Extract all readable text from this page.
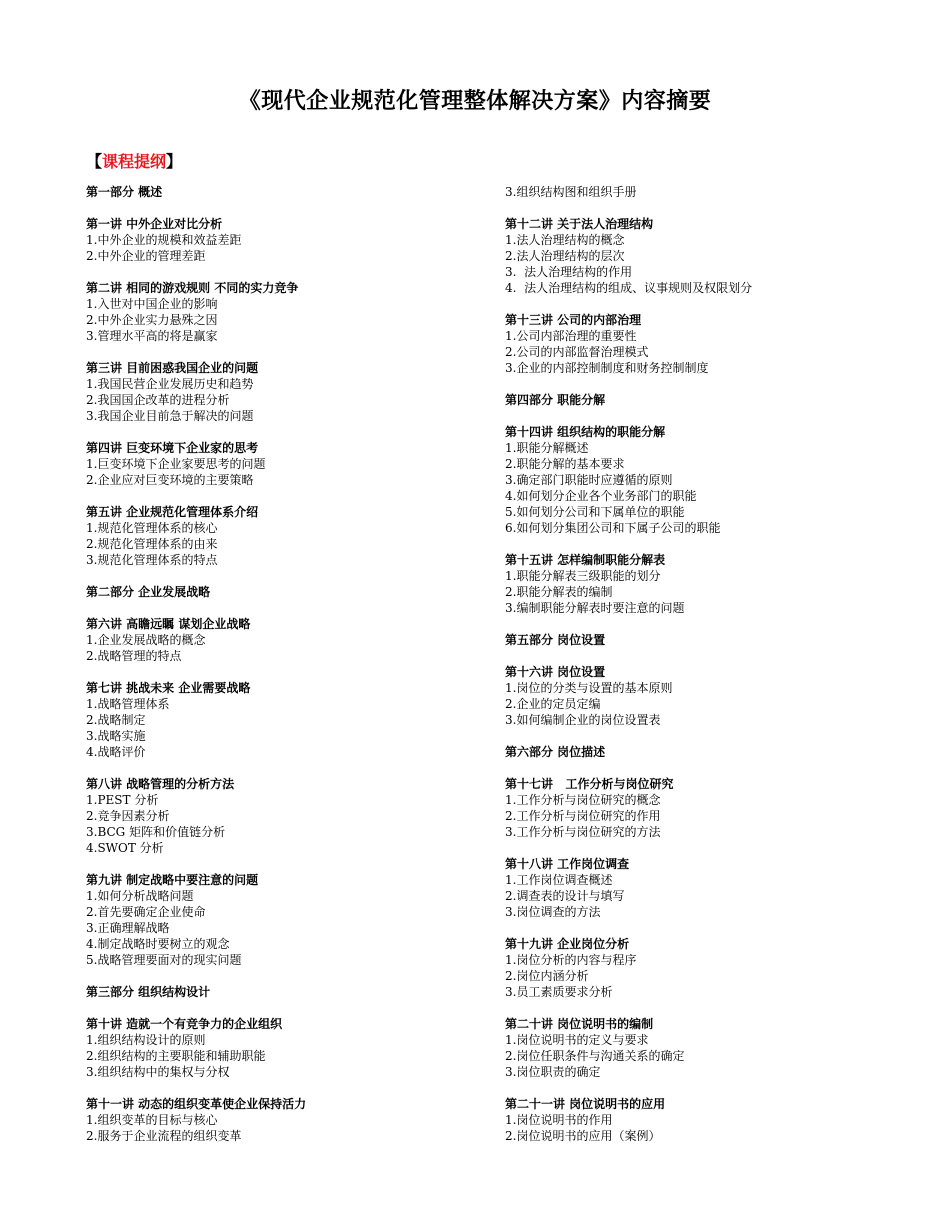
《现代企业规范化管理整体解决方案》内容摘要
【课程提纲】
第一部分 概述
第一讲 中外企业对比分析
1.中外企业的规模和效益差距
2.中外企业的管理差距
第二讲 相同的游戏规则 不同的实力竞争
1.入世对中国企业的影响
2.中外企业实力悬殊之因
3.管理水平高的将是赢家
第三讲 目前困惑我国企业的问题
1.我国民营企业发展历史和趋势
2.我国国企改革的进程分析
3.我国企业目前急于解决的问题
第四讲 巨变环境下企业家的思考
1.巨变环境下企业家要思考的问题
2.企业应对巨变环境的主要策略
第五讲 企业规范化管理体系介绍
1.规范化管理体系的核心
2.规范化管理体系的由来
3.规范化管理体系的特点
第二部分 企业发展战略
第六讲 高瞻远瞩 谋划企业战略
1.企业发展战略的概念
2.战略管理的特点
第七讲 挑战未来 企业需要战略
1.战略管理体系
2.战略制定
3.战略实施
4.战略评价
第八讲 战略管理的分析方法
1.PEST 分析
2.竞争因素分析
3.BCG 矩阵和价值链分析
4.SWOT 分析
第九讲 制定战略中要注意的问题
1.如何分析战略问题
2.首先要确定企业使命
3.正确理解战略
4.制定战略时要树立的观念
5.战略管理要面对的现实问题
第三部分 组织结构设计
第十讲 造就一个有竞争力的企业组织
1.组织结构设计的原则
2.组织结构的主要职能和辅助职能
3.组织结构中的集权与分权
第十一讲 动态的组织变革使企业保持活力
1.组织变革的目标与核心
2.服务于企业流程的组织变革
3.组织结构图和组织手册
第十二讲 关于法人治理结构
1.法人治理结构的概念
2.法人治理结构的层次
3.  法人治理结构的作用
4.  法人治理结构的组成、议事规则及权限划分
第十三讲 公司的内部治理
1.公司内部治理的重要性
2.公司的内部监督治理模式
3.企业的内部控制制度和财务控制制度
第四部分 职能分解
第十四讲 组织结构的职能分解
1.职能分解概述
2.职能分解的基本要求
3.确定部门职能时应遵循的原则
4.如何划分企业各个业务部门的职能
5.如何划分公司和下属单位的职能
6.如何划分集团公司和下属子公司的职能
第十五讲 怎样编制职能分解表
1.职能分解表三级职能的划分
2.职能分解表的编制
3.编制职能分解表时要注意的问题
第五部分 岗位设置
第十六讲 岗位设置
1.岗位的分类与设置的基本原则
2.企业的定员定编
3.如何编制企业的岗位设置表
第六部分 岗位描述
第十七讲   工作分析与岗位研究
1.工作分析与岗位研究的概念
2.工作分析与岗位研究的作用
3.工作分析与岗位研究的方法
第十八讲 工作岗位调查
1.工作岗位调查概述
2.调查表的设计与填写
3.岗位调查的方法
第十九讲 企业岗位分析
1.岗位分析的内容与程序
2.岗位内涵分析
3.员工素质要求分析
第二十讲 岗位说明书的编制
1.岗位说明书的定义与要求
2.岗位任职条件与沟通关系的确定
3.岗位职责的确定
第二十一讲 岗位说明书的应用
1.岗位说明书的作用
2.岗位说明书的应用（案例）
